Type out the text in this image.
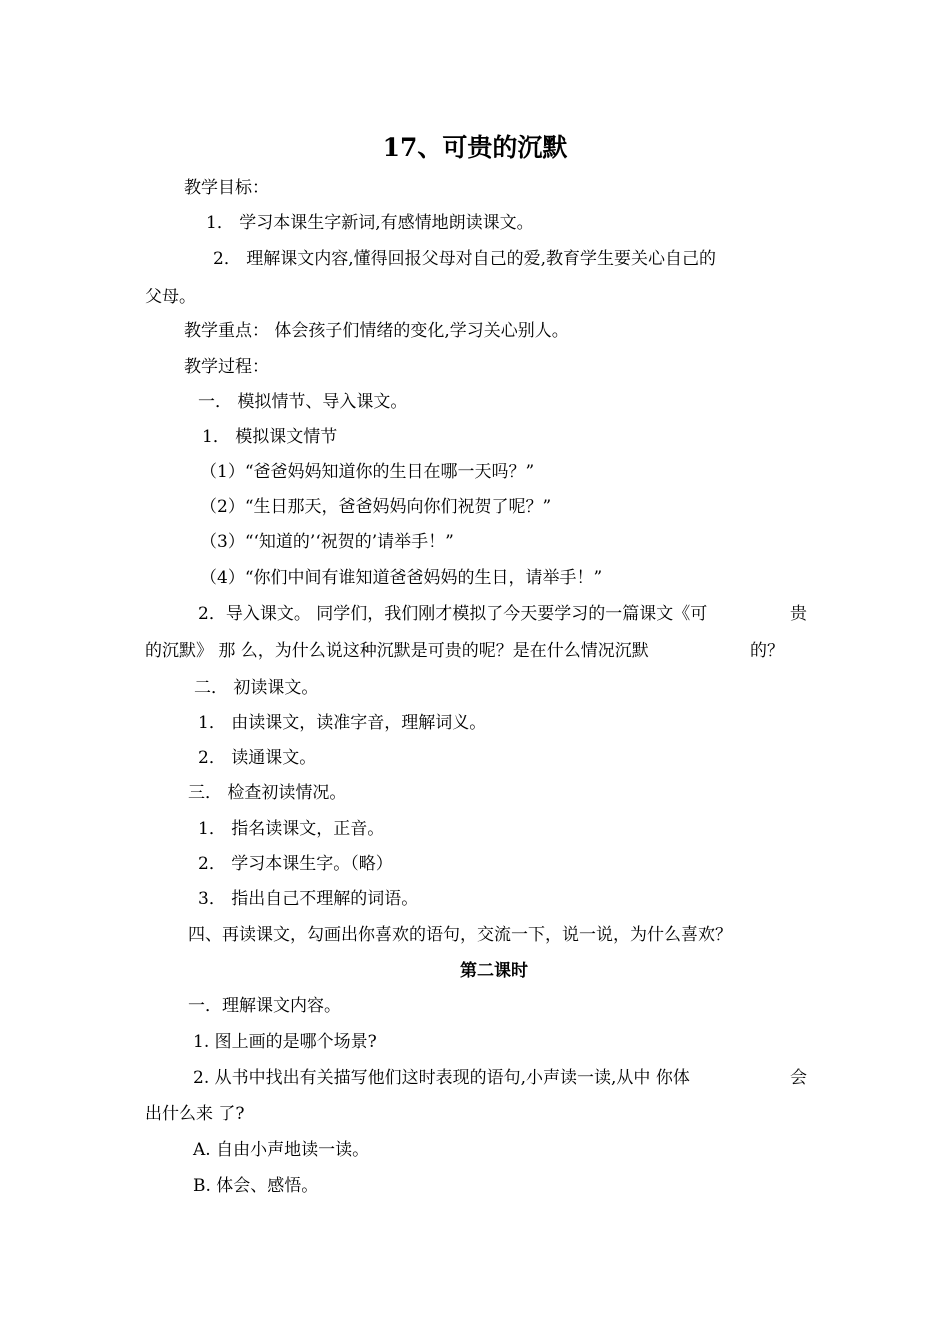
17、可贵的沉默
教学目标：
1． 学习本课生字新词,有感情地朗读课文。
2． 理解课文内容,懂得回报父母对自己的爱,教育学生要关心自己的
父母。
教学重点： 体会孩子们情绪的变化,学习关心别人。
教学过程：
一． 模拟情节、导入课文。
1． 模拟课文情节
（1）“爸爸妈妈知道你的生日在哪一天吗？”
（2）“生日那天，爸爸妈妈向你们祝贺了呢？”
（3）“‘知道的’‘祝贺的’请举手！”
（4）“你们中间有谁知道爸爸妈妈的生日，请举手！”
2．导入课文。 同学们，我们刚才模拟了今天要学习的一篇课文《可	贵
的沉默》 那 么，为什么说这种沉默是可贵的呢？是在什么情况沉默	的？
二． 初读课文。
1． 由读课文，读准字音，理解词义。
2． 读通课文。
三． 检查初读情况。
1． 指名读课文，正音。
2． 学习本课生字。（略）
3． 指出自己不理解的词语。
四、再读课文，勾画出你喜欢的语句，交流一下，说一说，为什么喜欢？
第二课时
一．理解课文内容。
1. 图上画的是哪个场景?
2. 从书中找出有关描写他们这时表现的语句,小声读一读,从中 你体	会
出什么来 了?
A. 自由小声地读一读。
B. 体会、感悟。
